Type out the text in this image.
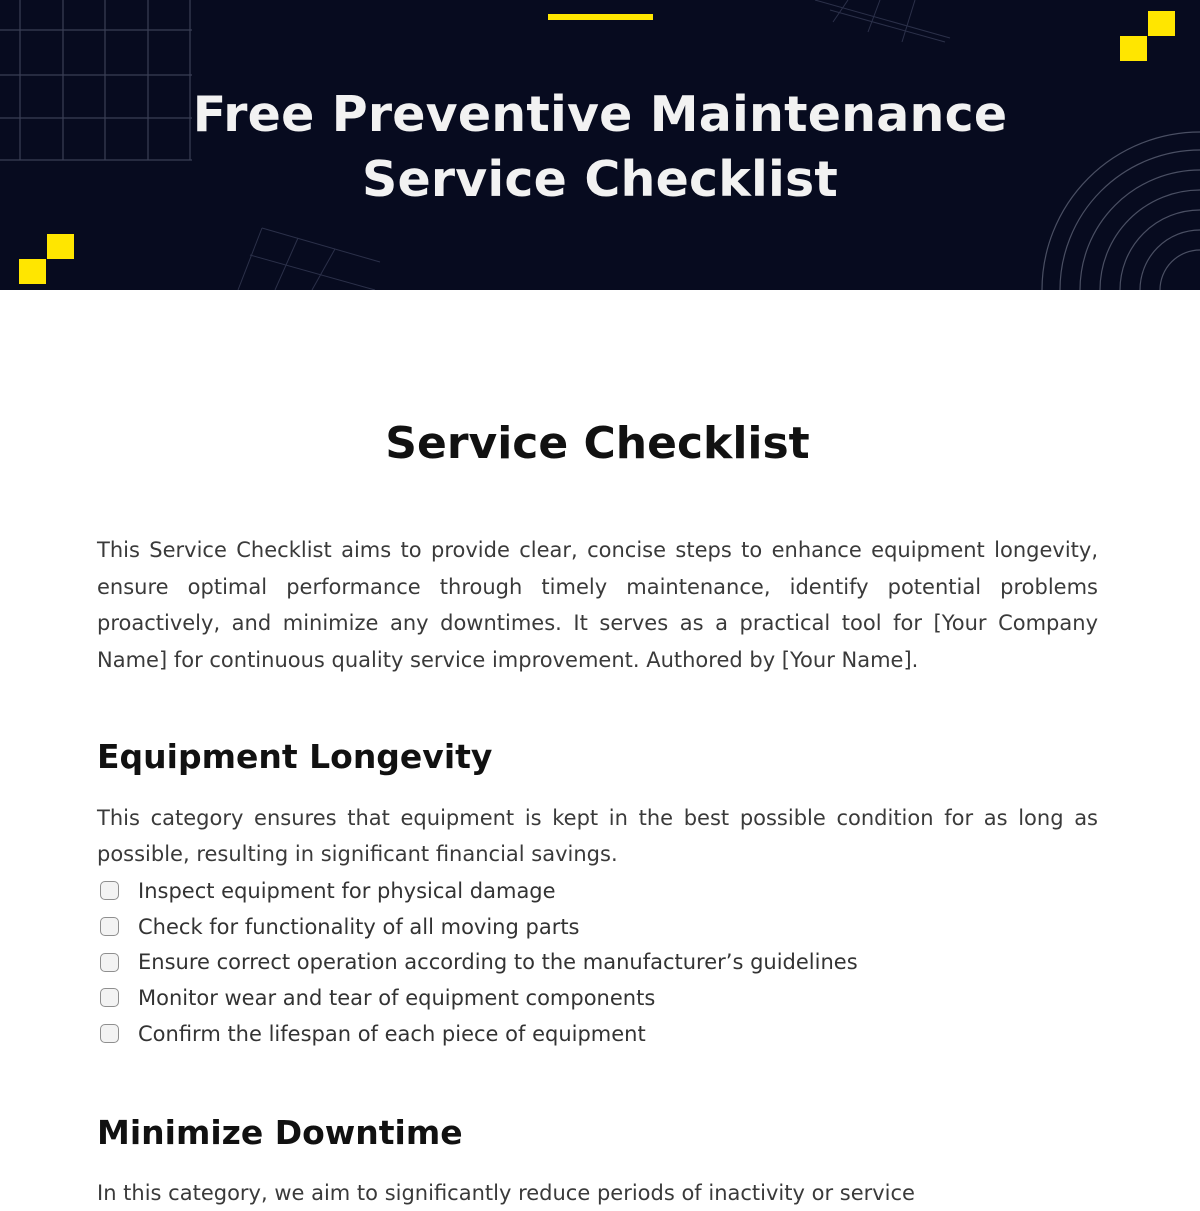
Free Preventive Maintenance
Service Checklist
Service Checklist

This Service Checklist aims to provide clear, concise steps to enhance equipment longevity, ensure optimal performance through timely maintenance, identify potential problems proactively, and minimize any downtimes. It serves as a practical tool for [Your Company Name] for continuous quality service improvement. Authored by [Your Name].

Equipment Longevity

This category ensures that equipment is kept in the best possible condition for as long as possible, resulting in significant financial savings.

Inspect equipment for physical damage
Check for functionality of all moving parts
Ensure correct operation according to the manufacturer’s guidelines
Monitor wear and tear of equipment components
Confirm the lifespan of each piece of equipment
Minimize Downtime

In this category, we aim to significantly reduce periods of inactivity or service
